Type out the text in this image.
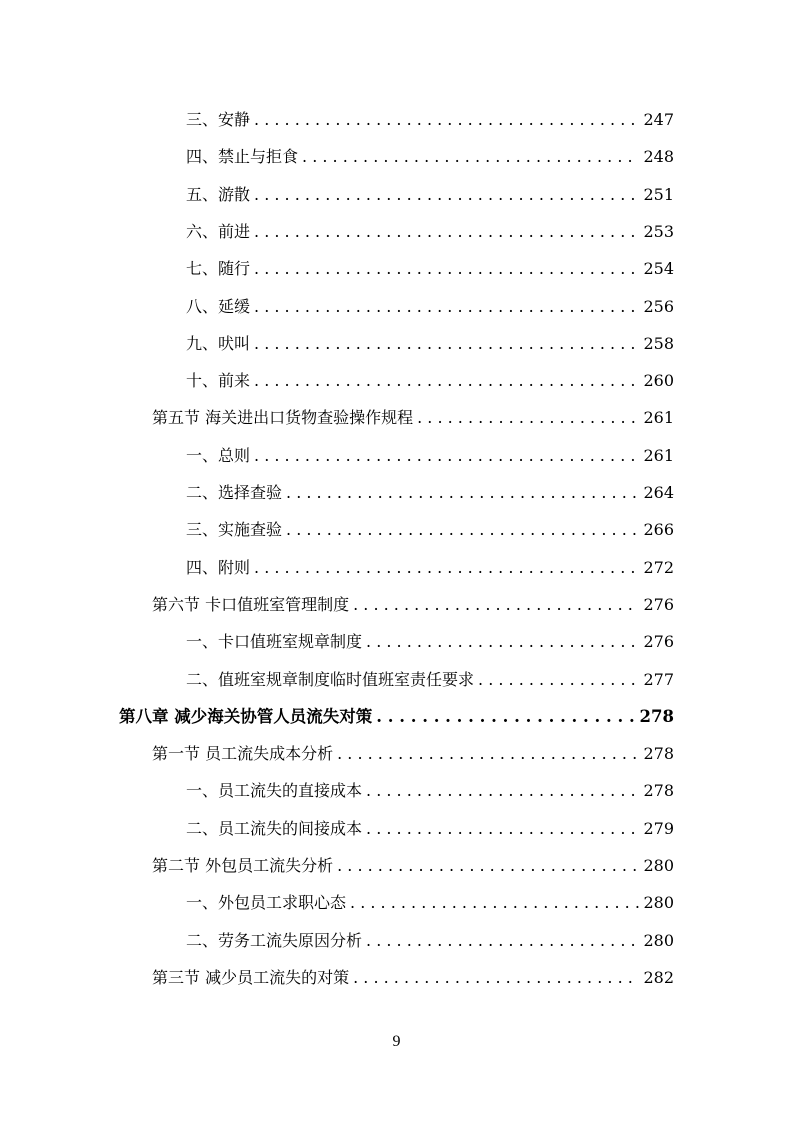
三、安静 . . .	247
四、禁止与拒食 . . .	248
五、游散 . . .	251
六、前进 . . .	253
七、随行 . . .	254
八、延缓 . . .	256
九、吠叫 . . .	258
十、前来 . . .	260
第五节 海关进出口货物查验操作规程 . . .	261
一、总则 . . .	261
二、选择查验 . . .	264
三、实施查验 . . .	266
四、附则 . . .	272
第六节 卡口值班室管理制度 . . .	276
一、卡口值班室规章制度 . . .	276
二、值班室规章制度临时值班室责任要求 . . .	277
第八章 减少海关协管人员流失对策 . . .	278
第一节 员工流失成本分析 . . .	278
一、员工流失的直接成本 . . .	278
二、员工流失的间接成本 . . .	279
第二节 外包员工流失分析 . . .	280
一、外包员工求职心态 . . .	280
二、劳务工流失原因分析 . . .	280
第三节 减少员工流失的对策 . . .	282
9
